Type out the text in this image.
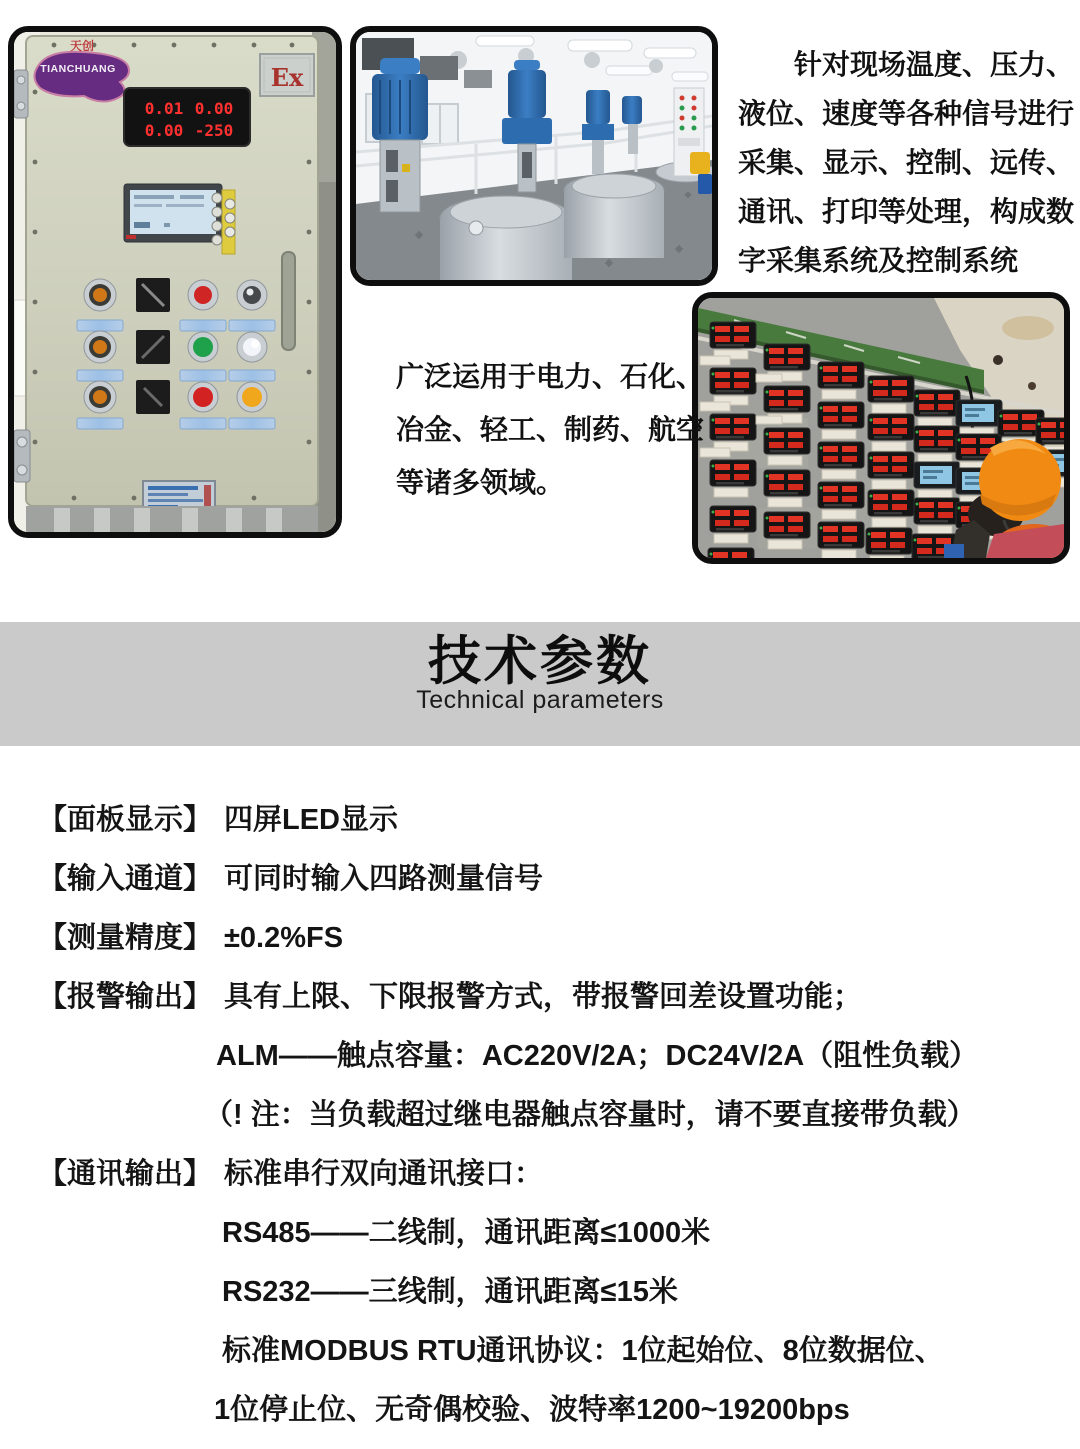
天创
TIANCHUANG	Ex
0.01 0.00
0.00 -250
针对现场温度、压力、
液位、速度等各种信号进行
采集、显示、控制、远传、
通讯、打印等处理，构成数
字采集系统及控制系统
广泛运用于电力、石化、
冶金、轻工、制药、航空
等诸多领域。
技术参数
Technical parameters
【面板显示】 四屏LED显示
【输入通道】 可同时输入四路测量信号
【测量精度】 ±0.2%FS
【报警输出】 具有上限、下限报警方式，带报警回差设置功能；
ALM——触点容量：AC220V/2A；DC24V/2A（阻性负载）
（! 注：当负载超过继电器触点容量时，请不要直接带负载）
【通讯输出】 标准串行双向通讯接口：
RS485——二线制，通讯距离≤1000米
RS232——三线制，通讯距离≤15米
标准MODBUS RTU通讯协议：1位起始位、8位数据位、
1位停止位、无奇偶校验、波特率1200~19200bps
